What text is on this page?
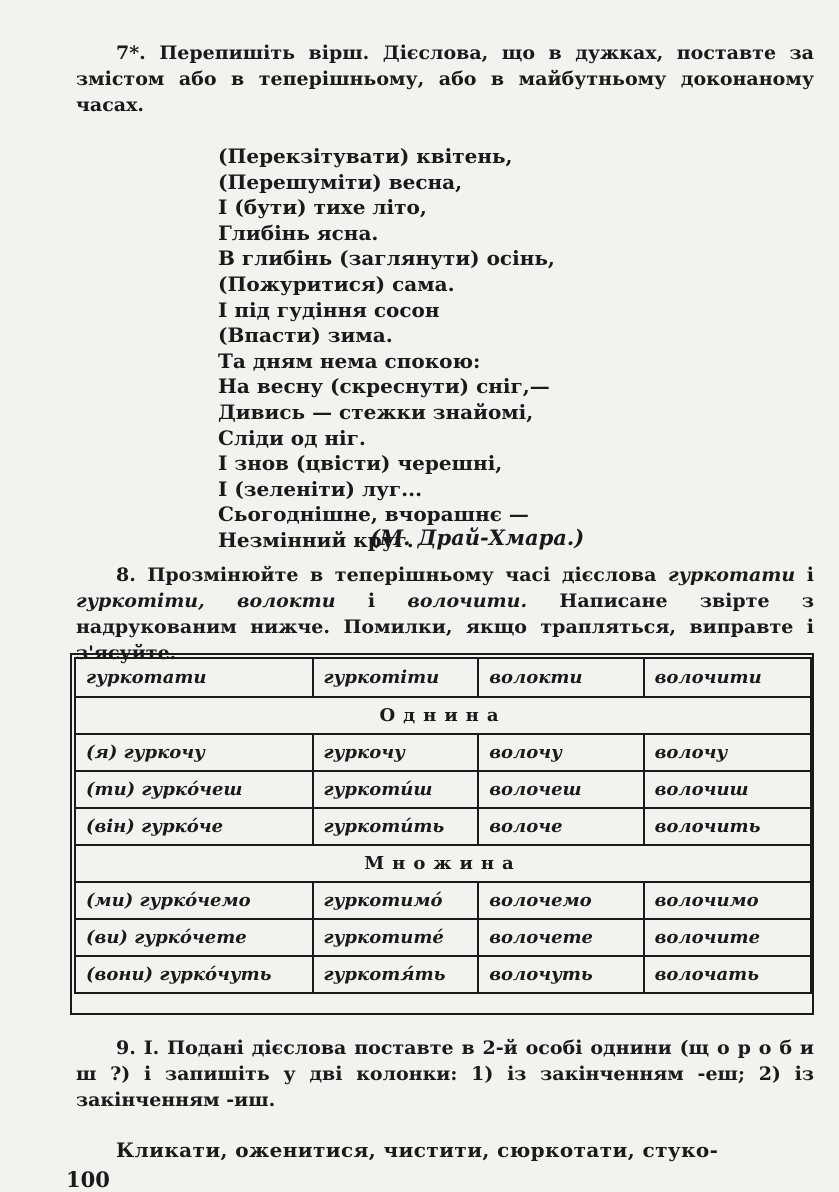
7*. Перепишіть вірш. Дієслова, що в дужках, поставте за змістом або в теперішньому, або в майбутньому доконаному часах.
(Перекзітувати) квітень,
(Перешуміти) весна,
І (бути) тихе літо,
Глибінь ясна.
В глибінь (заглянути) осінь,
(Пожуритися) сама.
І під гудіння сосон
(Впасти) зима.
Та дням нема спокою:
На весну (скреснути) сніг,—
Дивись — стежки знайомі,
Сліди од ніг.
І знов (цвісти) черешні,
І (зеленіти) луг...
Сьогоднішне, вчорашнє —
Незмінний круг.
(М. Драй-Хмара.)
8. Прозмінюйте в теперішньому часі дієслова гуркотати і гуркотіти, волокти і волочити. Написане звірте з надрукованим нижче. Помилки, якщо трапляться, виправте і з'ясуйте.
гуркотати	гуркотіти	волокти	волочити
Однина			
(я) гуркочу	гуркочу	волочу	волочу
(ти) гуркóчеш	гуркотúш	волочеш	волочиш
(він) гуркóче	гуркотúть	волоче	волочить
Множина			
(ми) гуркóчемо	гуркотимó	волочемо	волочимо
(ви) гуркóчете	гуркотитé	волочете	волочите
(вони) гуркóчуть	гуркотя́ть	волочуть	волочать
9. І. Подані дієслова поставте в 2-й особі однини (щ о р о б и ш ?) і запишіть у дві колонки: 1) із закінченням -еш; 2) із закінченням -иш.
Кликати, оженитися, чистити, сюркотати, стуко-
100
